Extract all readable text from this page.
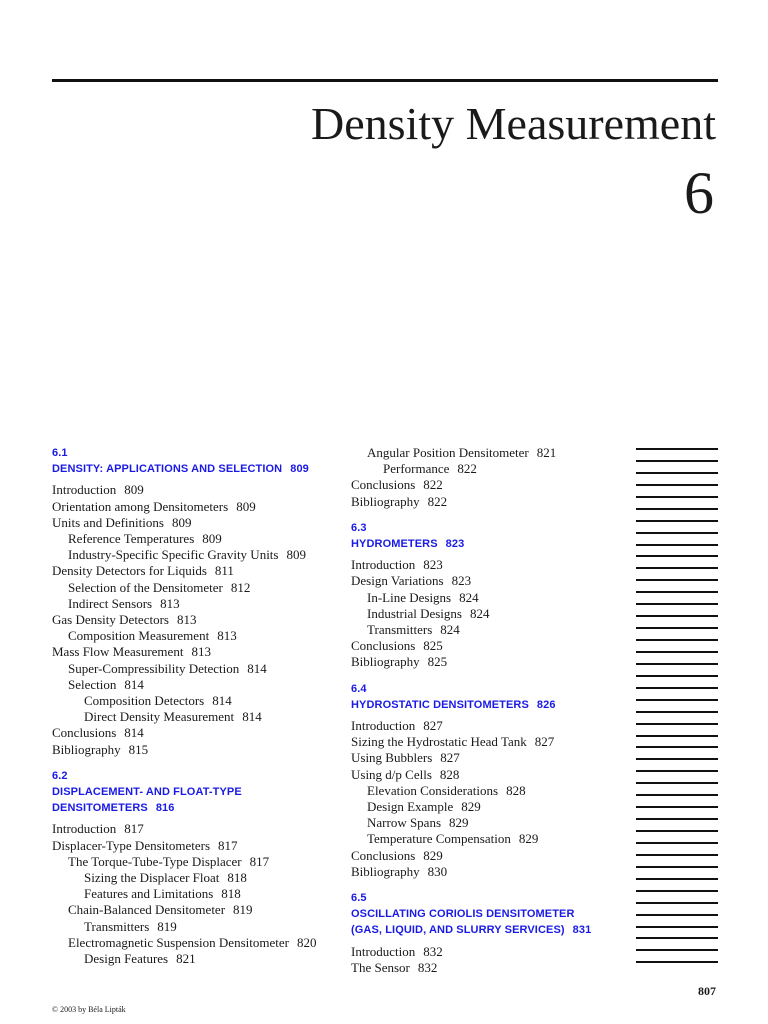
Density Measurement
6
6.1
DENSITY: APPLICATIONS AND SELECTION 809
Introduction 809
Orientation among Densitometers 809
Units and Definitions 809
Reference Temperatures 809
Industry-Specific Specific Gravity Units 809
Density Detectors for Liquids 811
Selection of the Densitometer 812
Indirect Sensors 813
Gas Density Detectors 813
Composition Measurement 813
Mass Flow Measurement 813
Super-Compressibility Detection 814
Selection 814
Composition Detectors 814
Direct Density Measurement 814
Conclusions 814
Bibliography 815
6.2
DISPLACEMENT- AND FLOAT-TYPE
DENSITOMETERS 816
Introduction 817
Displacer-Type Densitometers 817
The Torque-Tube-Type Displacer 817
Sizing the Displacer Float 818
Features and Limitations 818
Chain-Balanced Densitometer 819
Transmitters 819
Electromagnetic Suspension Densitometer 820
Design Features 821
Angular Position Densitometer 821
Performance 822
Conclusions 822
Bibliography 822
6.3
HYDROMETERS 823
Introduction 823
Design Variations 823
In-Line Designs 824
Industrial Designs 824
Transmitters 824
Conclusions 825
Bibliography 825
6.4
HYDROSTATIC DENSITOMETERS 826
Introduction 827
Sizing the Hydrostatic Head Tank 827
Using Bubblers 827
Using d/p Cells 828
Elevation Considerations 828
Design Example 829
Narrow Spans 829
Temperature Compensation 829
Conclusions 829
Bibliography 830
6.5
OSCILLATING CORIOLIS DENSITOMETER
(GAS, LIQUID, AND SLURRY SERVICES) 831
Introduction 832
The Sensor 832
807
© 2003 by Béla Lipták
